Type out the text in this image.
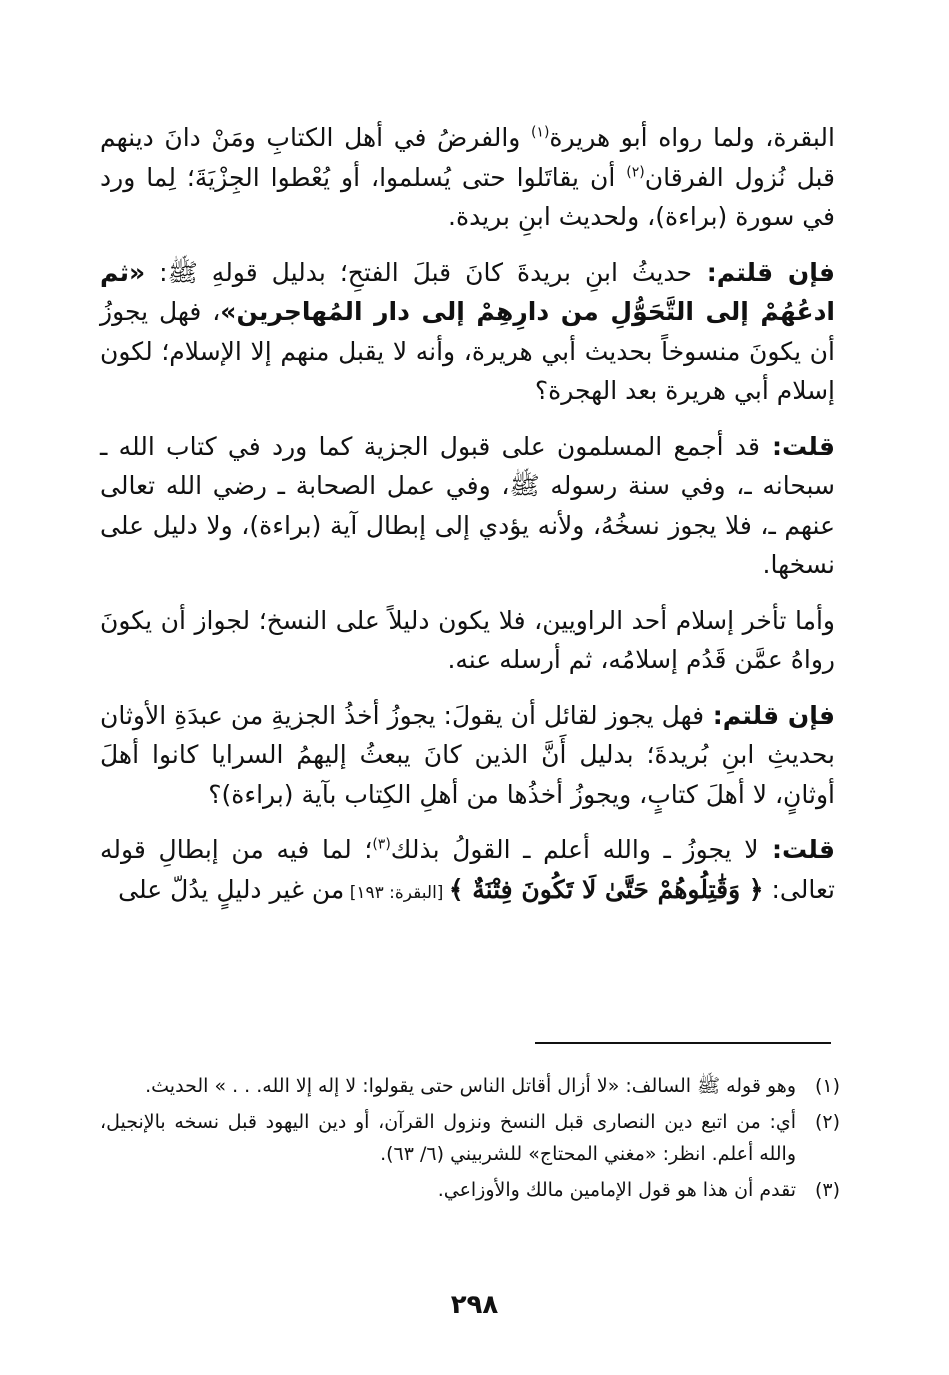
البقرة، ولما رواه أبو هريرة$^{(١)}$ والفرضُ في أهل الكتابِ ومَنْ دانَ دينهم قبل نُزول الفرقان$^{(٢)}$ أن يقاتَلوا حتى يُسلموا، أو يُعْطوا الجِزْيَةَ؛ لِما ورد في سورة (براءة)، ولحديث ابنِ بريدة.

فإن قلتم: حديثُ ابنِ بريدةَ كانَ قبلَ الفتحِ؛ بدليل قولهِ ﷺ: «ثم ادعُهُمْ إلى التَّحَوُّلِ من دارِهِمْ إلى دار المُهاجرين»، فهل يجوزُ أن يكونَ منسوخاً بحديث أبي هريرة، وأنه لا يقبل منهم إلا الإسلام؛ لكون إسلام أبي هريرة بعد الهجرة؟

قلت: قد أجمع المسلمون على قبول الجزية كما ورد في كتاب الله ـ سبحانه ـ، وفي سنة رسوله ﷺ، وفي عمل الصحابة ـ رضي الله تعالى عنهم ـ، فلا يجوز نسخُهُ، ولأنه يؤدي إلى إبطال آية (براءة)، ولا دليل على نسخها.

وأما تأخر إسلام أحد الراويين، فلا يكون دليلاً على النسخ؛ لجواز أن يكونَ رواهُ عمَّن قَدُم إسلامُه، ثم أرسله عنه.

فإن قلتم: فهل يجوز لقائل أن يقولَ: يجوزُ أخذُ الجزيةِ من عبدَةِ الأوثان بحديثِ ابنِ بُريدةَ؛ بدليل أَنَّ الذين كانَ يبعثُ إليهمُ السرايا كانوا أهلَ أوثانٍ، لا أهلَ كتابٍ، ويجوزُ أخذُها من أهلِ الكِتاب بآية (براءة)؟

قلت: لا يجوزُ ـ والله أعلم ـ القولُ بذلك$^{(٣)}$؛ لما فيه من إبطالِ قوله تعالى: ﴿ وَقَٰتِلُوهُمْ حَتَّىٰ لَا تَكُونَ فِتْنَةٌ ﴾ [البقرة: ١٩٣] من غير دليلٍ يدُلّ على

(١)
وهو قوله ﷺ السالف: «لا أزال أقاتل الناس حتى يقولوا: لا إله إلا الله. . . » الحديث.
(٢)
أي: من اتبع دين النصارى قبل النسخ ونزول القرآن، أو دين اليهود قبل نسخه بالإنجيل، والله أعلم. انظر: «مغني المحتاج» للشربيني (٦/ ٦٣).
(٣)
تقدم أن هذا هو قول الإمامين مالك والأوزاعي.
٢٩٨
